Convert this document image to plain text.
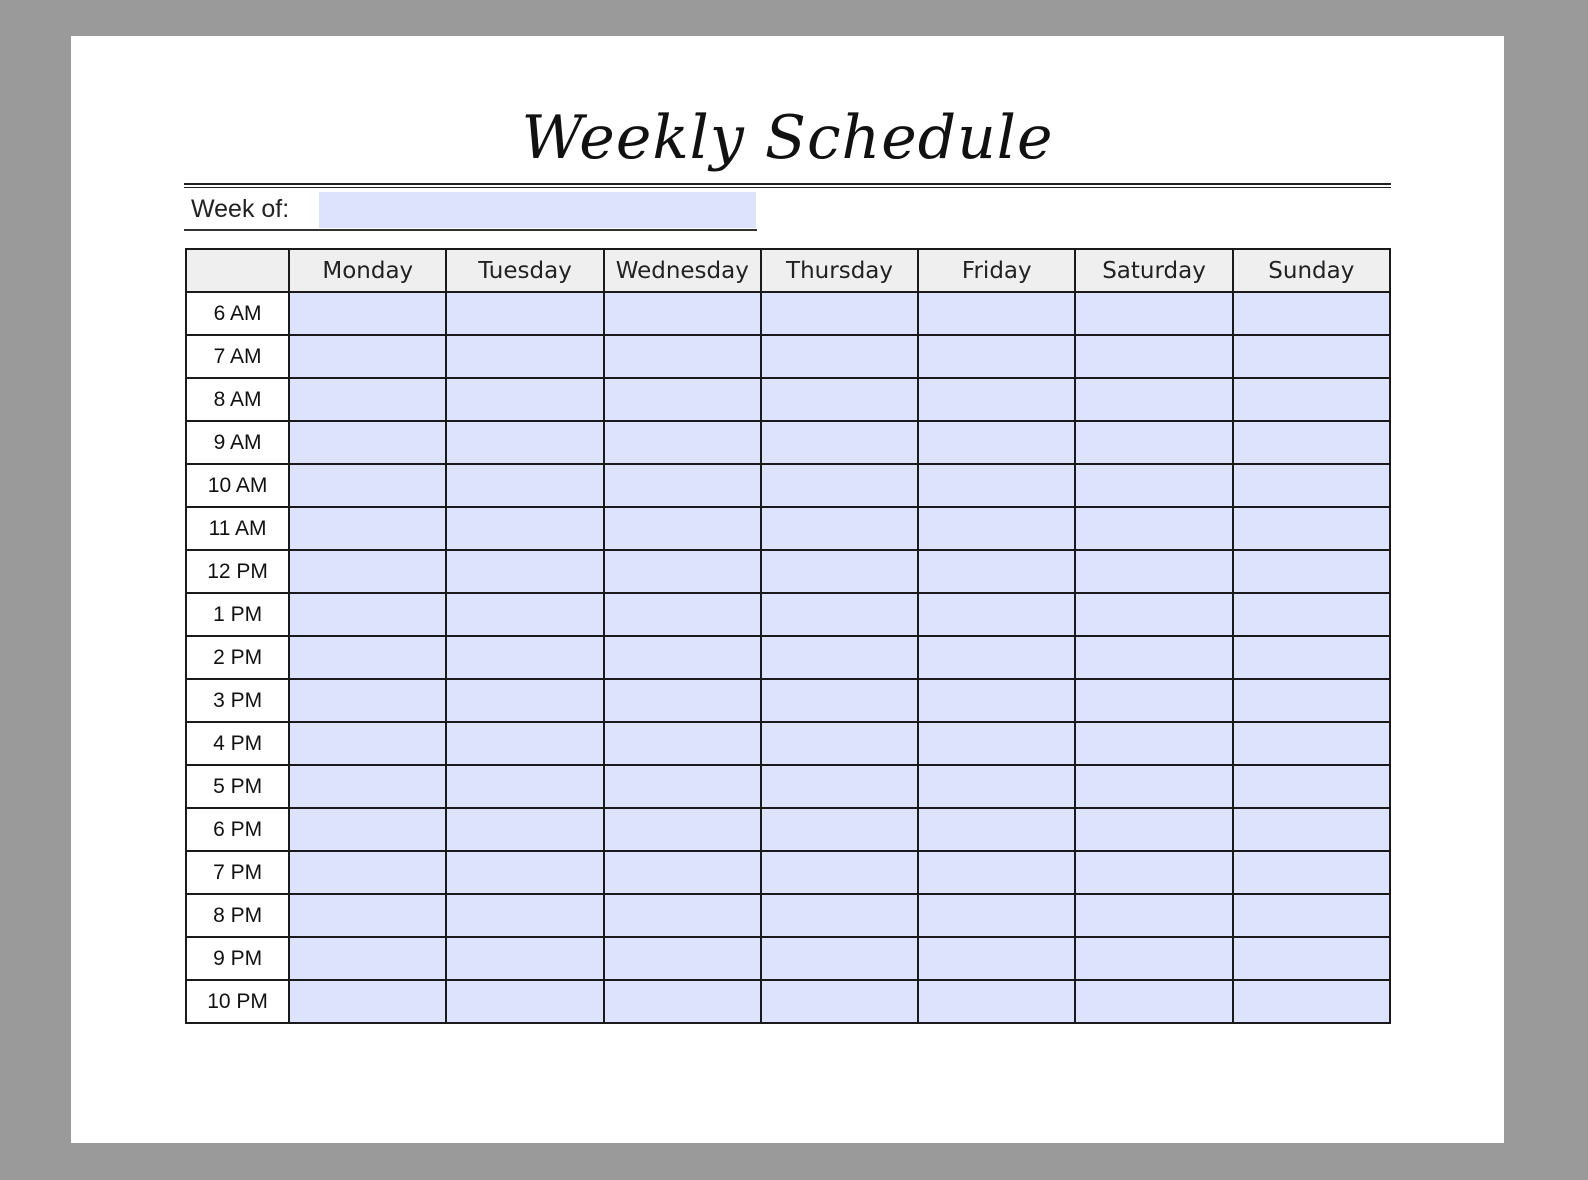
Weekly Schedule
Week of:
	Monday	Tuesday	Wednesday	Thursday	Friday	Saturday	Sunday
6 AM							
7 AM							
8 AM							
9 AM							
10 AM							
11 AM							
12 PM							
1 PM							
2 PM							
3 PM							
4 PM							
5 PM							
6 PM							
7 PM							
8 PM							
9 PM							
10 PM							
